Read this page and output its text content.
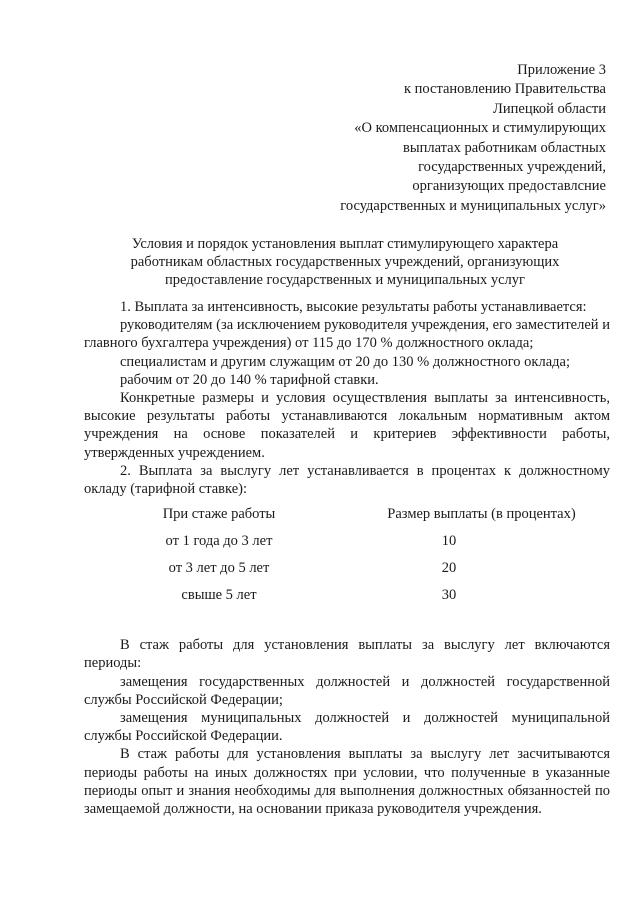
Приложение 3
к постановлению Правительства
Липецкой области
«О компенсационных и стимулирующих
выплатах работникам областных
государственных учреждений,
организующих предоставлсние
государственных и муниципальных услуг»
Условия и порядок установления выплат стимулирующего характера
работникам областных государственных учреждений, организующих
предоставление государственных и муниципальных услуг

1. Выплата за интенсивность, высокие результаты работы устанавливается:

руководителям (за исключением руководителя учреждения, его заместителей и главного бухгалтера учреждения) от 115 до 170 % должностного оклада;

специалистам и другим служащим от 20 до 130 % должностного оклада;

рабочим от 20 до 140 % тарифной ставки.

Конкретные размеры и условия осуществления выплаты за интенсивность, высокие результаты работы устанавливаются локальным нормативным актом учреждения на основе показателей и критериев эффективности работы, утвержденных учреждением.

2. Выплата за выслугу лет устанавливается в процентах к должностному окладу (тарифной ставке):

При стаже работы	Размер выплаты (в процентах)
от 1 года до 3 лет	10
от 3 лет до 5 лет	20
свыше 5 лет	30

В стаж работы для установления выплаты за выслугу лет включаются периоды:

замещения государственных должностей и должностей государственной службы Российской Федерации;

замещения муниципальных должностей и должностей муниципальной службы Российской Федерации.

В стаж работы для установления выплаты за выслугу лет засчитываются периоды работы на иных должностях при условии, что полученные в указанные периоды опыт и знания необходимы для выполнения должностных обязанностей по замещаемой должности, на основании приказа руководителя учреждения.
